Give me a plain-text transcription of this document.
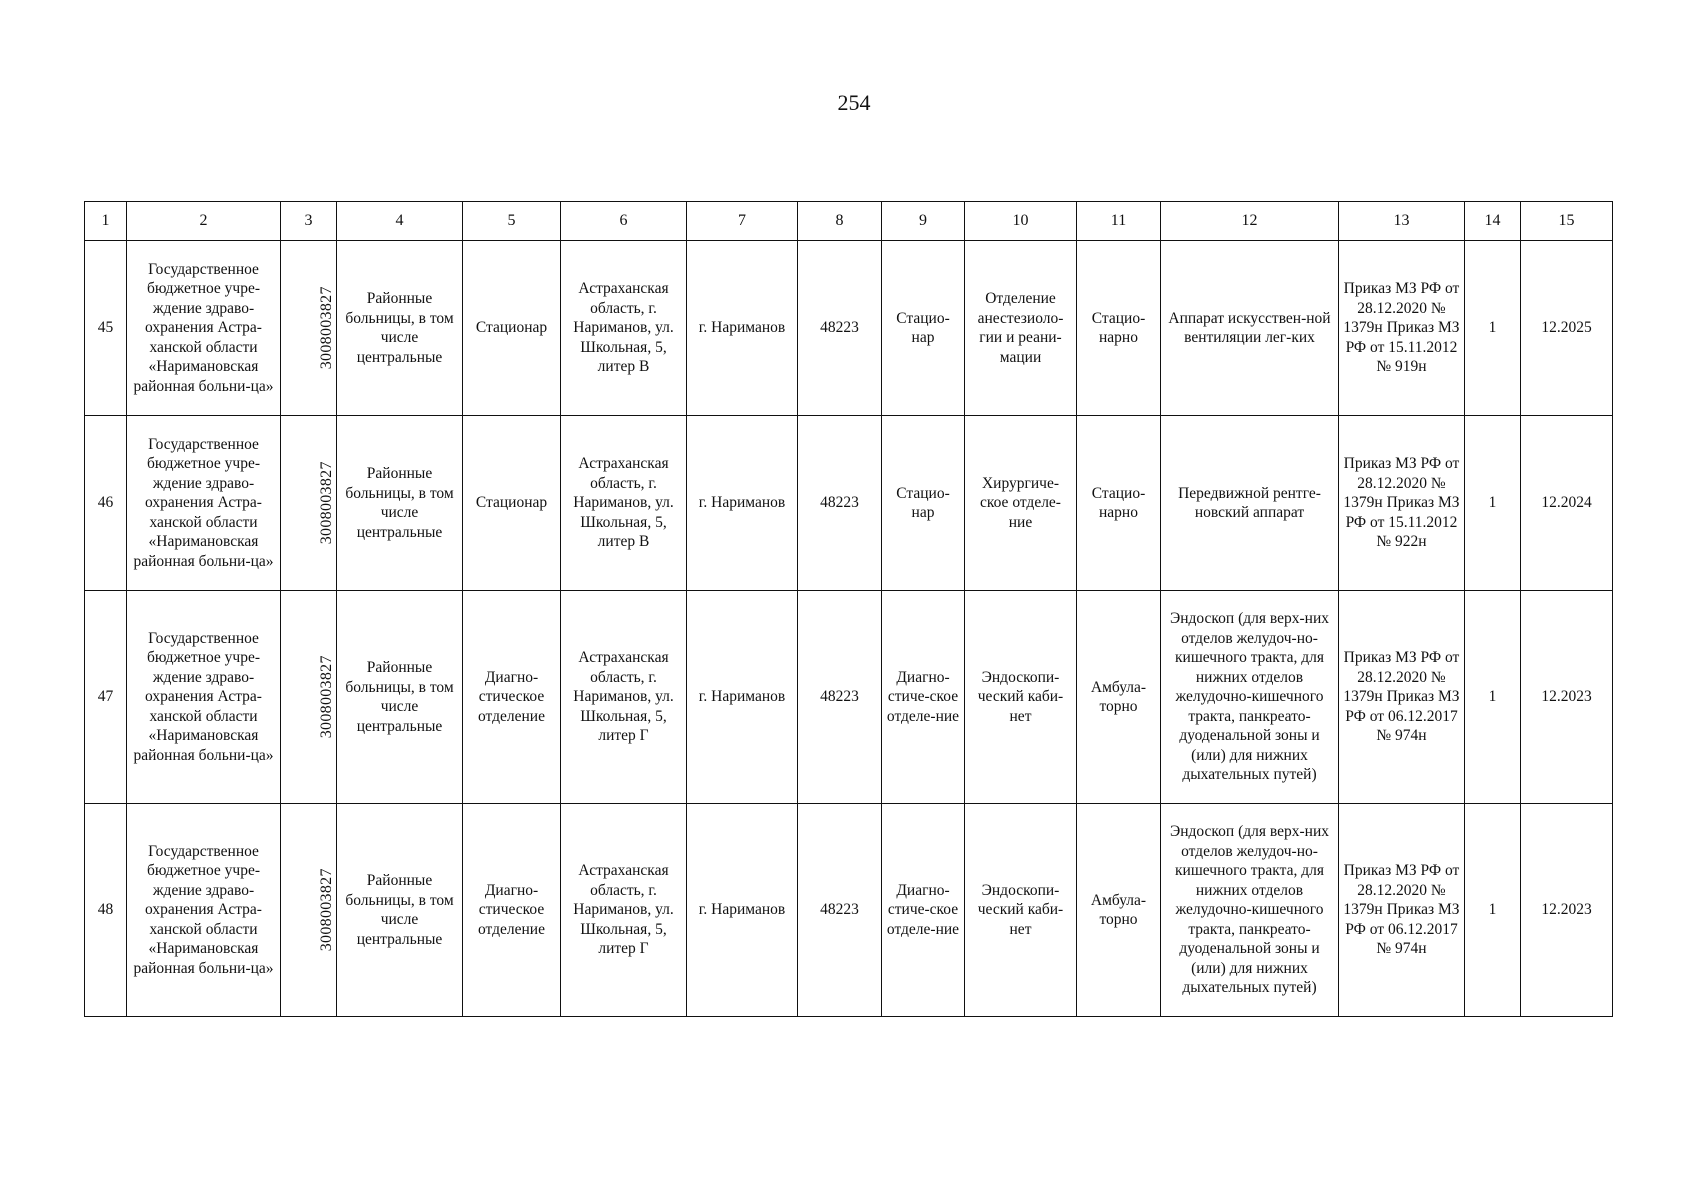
254
1	2	3	4	5	6	7	8	9	10	11	12	13	14	15
45	Государственное бюджетное учре-ждение здраво-охранения Астра-ханской области «Наримановская районная больни-ца»	3008003827	Районные больницы, в том числе центральные	Стационар	Астраханская область, г. Нариманов, ул. Школьная, 5, литер В	г. Нариманов	48223	Стацио-нар	Отделение анестезиоло-гии и реани-мации	Стацио-нарно	Аппарат искусствен-ной вентиляции лег-ких	Приказ МЗ РФ от 28.12.2020 № 1379н Приказ МЗ РФ от 15.11.2012 № 919н	1	12.2025
46	Государственное бюджетное учре-ждение здраво-охранения Астра-ханской области «Наримановская районная больни-ца»	3008003827	Районные больницы, в том числе центральные	Стационар	Астраханская область, г. Нариманов, ул. Школьная, 5, литер В	г. Нариманов	48223	Стацио-нар	Хирургиче-ское отделе-ние	Стацио-нарно	Передвижной рентге-новский аппарат	Приказ МЗ РФ от 28.12.2020 № 1379н Приказ МЗ РФ от 15.11.2012 № 922н	1	12.2024
47	Государственное бюджетное учре-ждение здраво-охранения Астра-ханской области «Наримановская районная больни-ца»	3008003827	Районные больницы, в том числе центральные	Диагно-стическое отделение	Астраханская область, г. Нариманов, ул. Школьная, 5, литер Г	г. Нариманов	48223	Диагно-стиче-ское отделе-ние	Эндоскопи-ческий каби-нет	Амбула-торно	Эндоскоп (для верх-них отделов желудоч-но-кишечного тракта, для нижних отделов желудочно-кишечного тракта, панкреато-дуоденальной зоны и (или) для нижних дыхательных путей)	Приказ МЗ РФ от 28.12.2020 № 1379н Приказ МЗ РФ от 06.12.2017 № 974н	1	12.2023
48	Государственное бюджетное учре-ждение здраво-охранения Астра-ханской области «Наримановская районная больни-ца»	3008003827	Районные больницы, в том числе центральные	Диагно-стическое отделение	Астраханская область, г. Нариманов, ул. Школьная, 5, литер Г	г. Нариманов	48223	Диагно-стиче-ское отделе-ние	Эндоскопи-ческий каби-нет	Амбула-торно	Эндоскоп (для верх-них отделов желудоч-но-кишечного тракта, для нижних отделов желудочно-кишечного тракта, панкреато-дуоденальной зоны и (или) для нижних дыхательных путей)	Приказ МЗ РФ от 28.12.2020 № 1379н Приказ МЗ РФ от 06.12.2017 № 974н	1	12.2023
